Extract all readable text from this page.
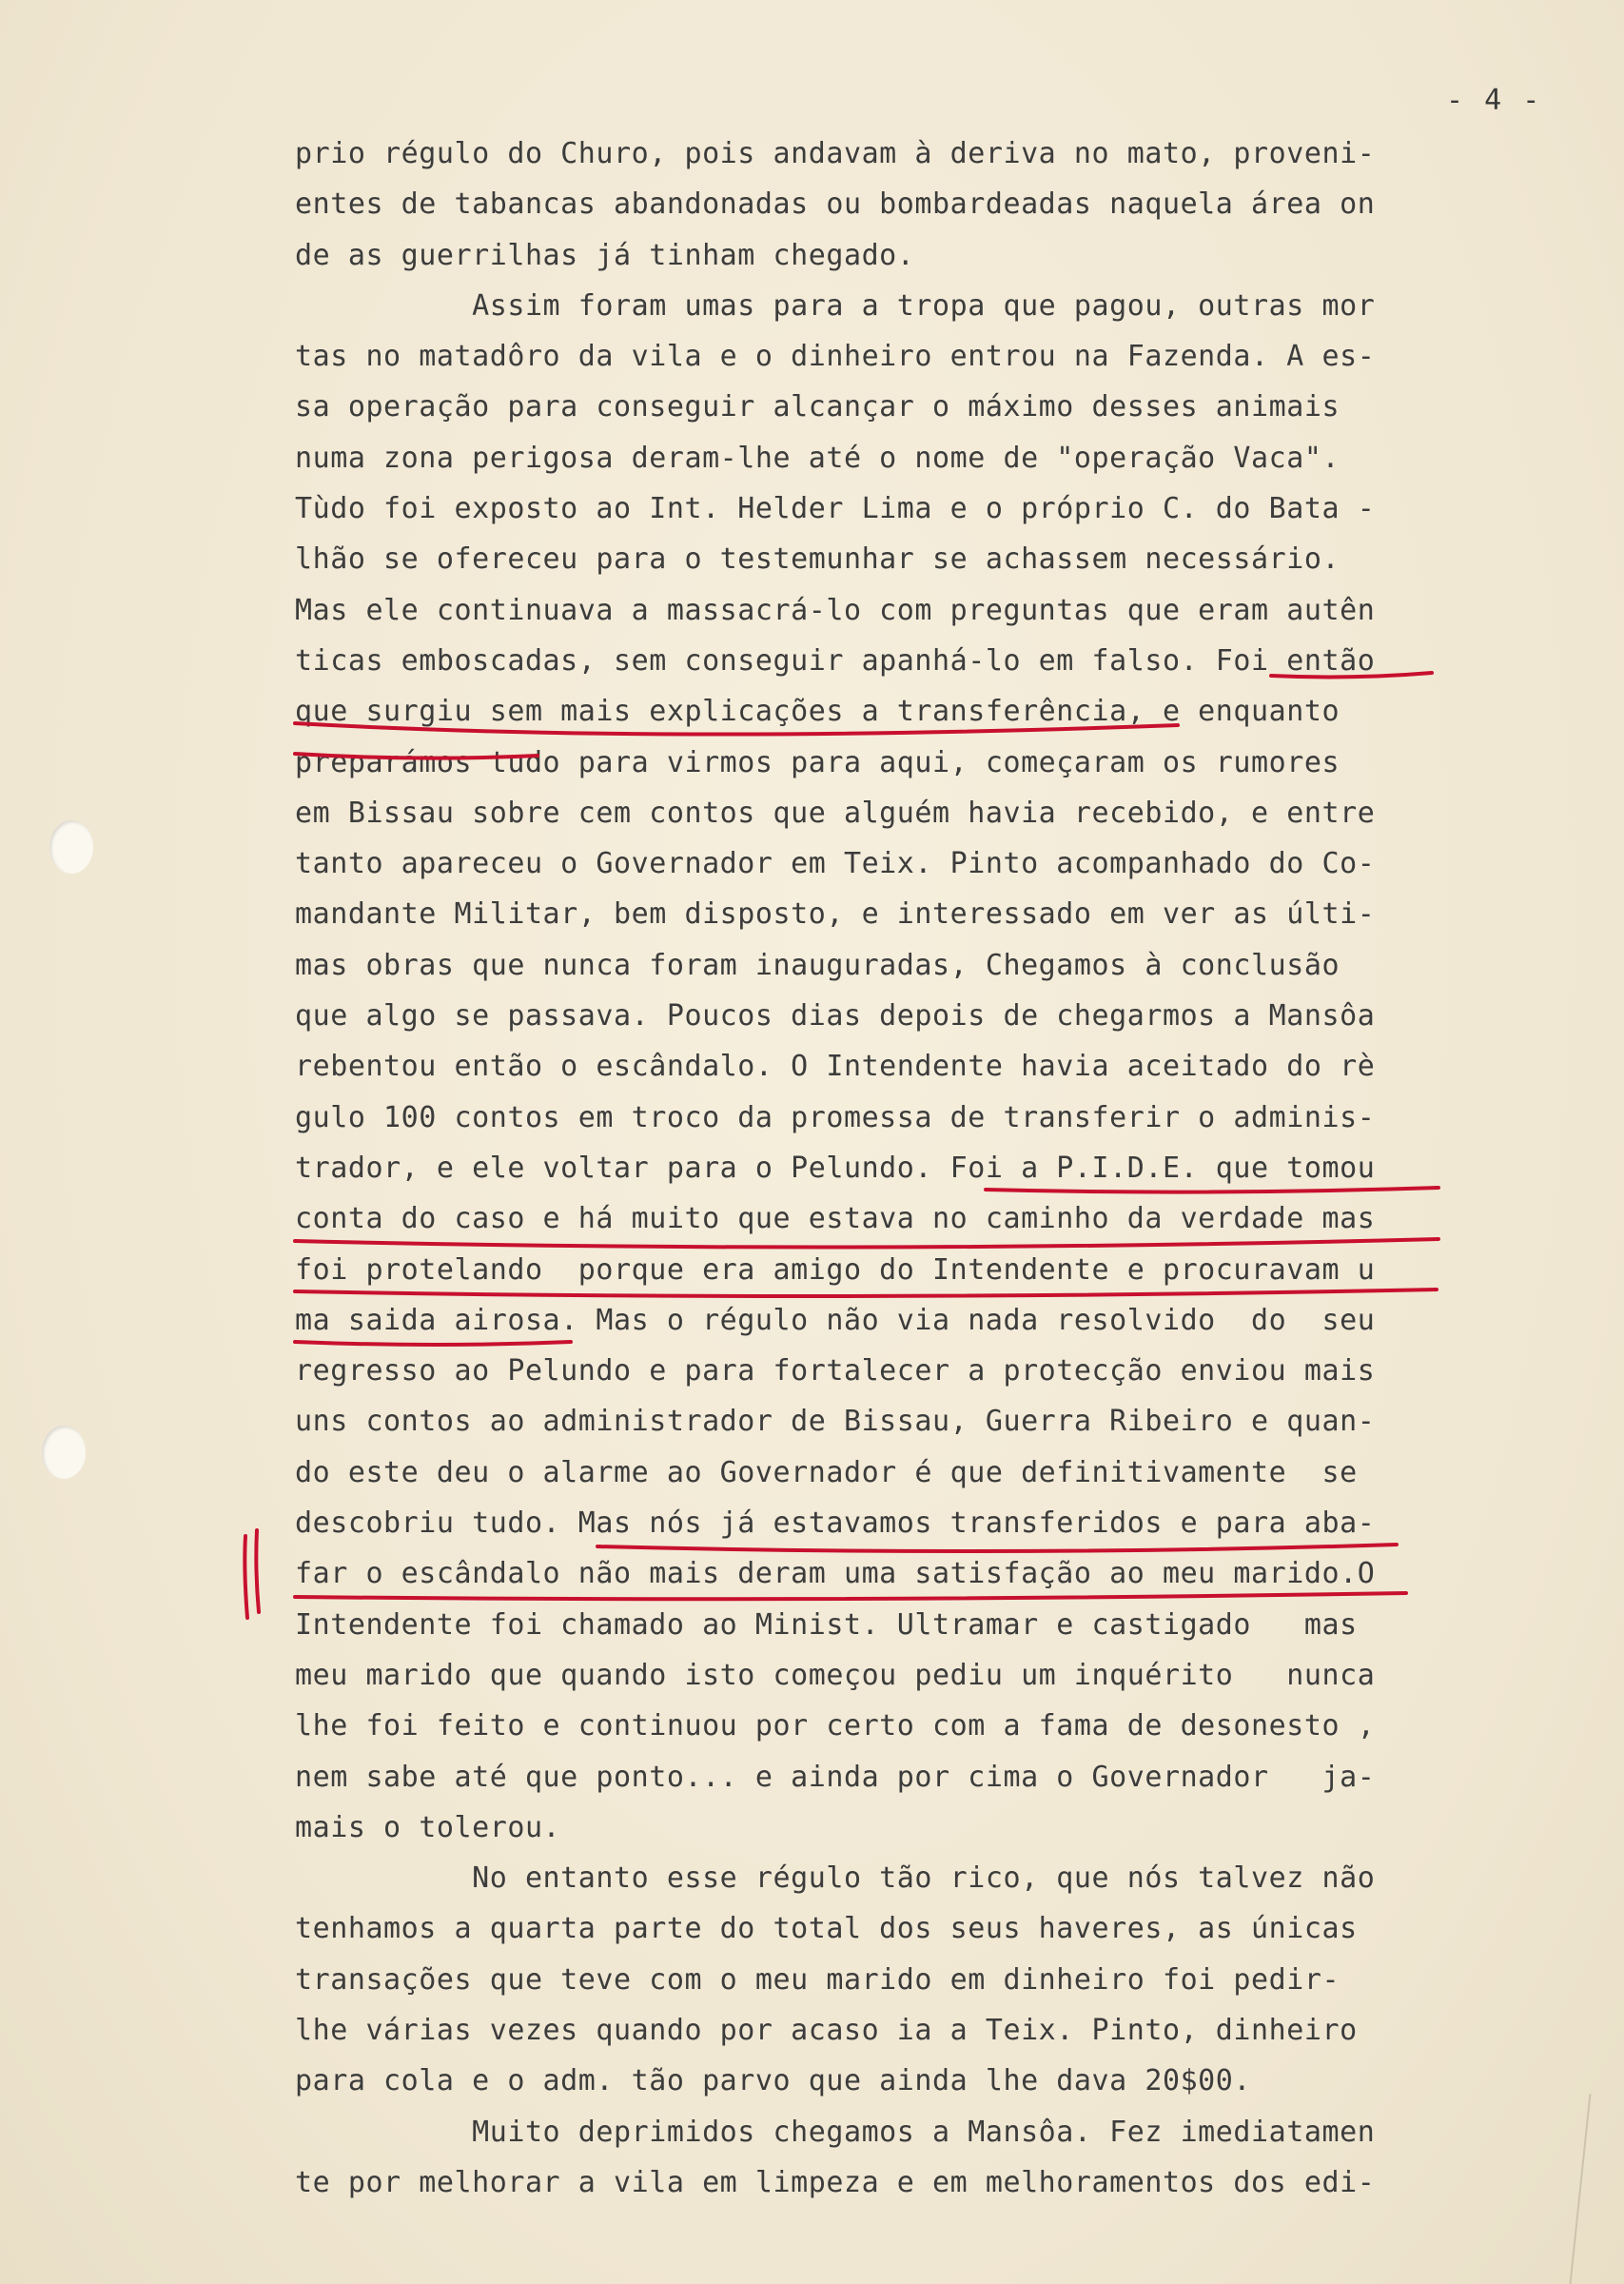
- 4 -
prio régulo do Churo, pois andavam à deriva no mato, proveni-
entes de tabancas abandonadas ou bombardeadas naquela área on
de as guerrilhas já tinham chegado.
Assim foram umas para a tropa que pagou, outras mor
tas no matadôro da vila e o dinheiro entrou na Fazenda. A es-
sa operação para conseguir alcançar o máximo desses animais
numa zona perigosa deram-lhe até o nome de "operação Vaca".
Tùdo foi exposto ao Int. Helder Lima e o próprio C. do Bata -
lhão se ofereceu para o testemunhar se achassem necessário.
Mas ele continuava a massacrá-lo com preguntas que eram autên
ticas emboscadas, sem conseguir apanhá-lo em falso. Foi então
que surgiu sem mais explicações a transferência, e enquanto
preparámos tudo para virmos para aqui, começaram os rumores
em Bissau sobre cem contos que alguém havia recebido, e entre
tanto apareceu o Governador em Teix. Pinto acompanhado do Co-
mandante Militar, bem disposto, e interessado em ver as últi-
mas obras que nunca foram inauguradas, Chegamos à conclusão
que algo se passava. Poucos dias depois de chegarmos a Mansôa
rebentou então o escândalo. O Intendente havia aceitado do rè
gulo 100 contos em troco da promessa de transferir o adminis-
trador, e ele voltar para o Pelundo. Foi a P.I.D.E. que tomou
conta do caso e há muito que estava no caminho da verdade mas
foi protelando  porque era amigo do Intendente e procuravam u
ma saida airosa. Mas o régulo não via nada resolvido  do  seu
regresso ao Pelundo e para fortalecer a protecção enviou mais
uns contos ao administrador de Bissau, Guerra Ribeiro e quan-
do este deu o alarme ao Governador é que definitivamente  se
descobriu tudo. Mas nós já estavamos transferidos e para aba-
far o escândalo não mais deram uma satisfação ao meu marido.O
Intendente foi chamado ao Minist. Ultramar e castigado   mas
meu marido que quando isto começou pediu um inquérito   nunca
lhe foi feito e continuou por certo com a fama de desonesto ,
nem sabe até que ponto... e ainda por cima o Governador   ja-
mais o tolerou.
No entanto esse régulo tão rico, que nós talvez não
tenhamos a quarta parte do total dos seus haveres, as únicas
transações que teve com o meu marido em dinheiro foi pedir-
lhe várias vezes quando por acaso ia a Teix. Pinto, dinheiro
para cola e o adm. tão parvo que ainda lhe dava 20$00.
Muito deprimidos chegamos a Mansôa. Fez imediatamen
te por melhorar a vila em limpeza e em melhoramentos dos edi-
